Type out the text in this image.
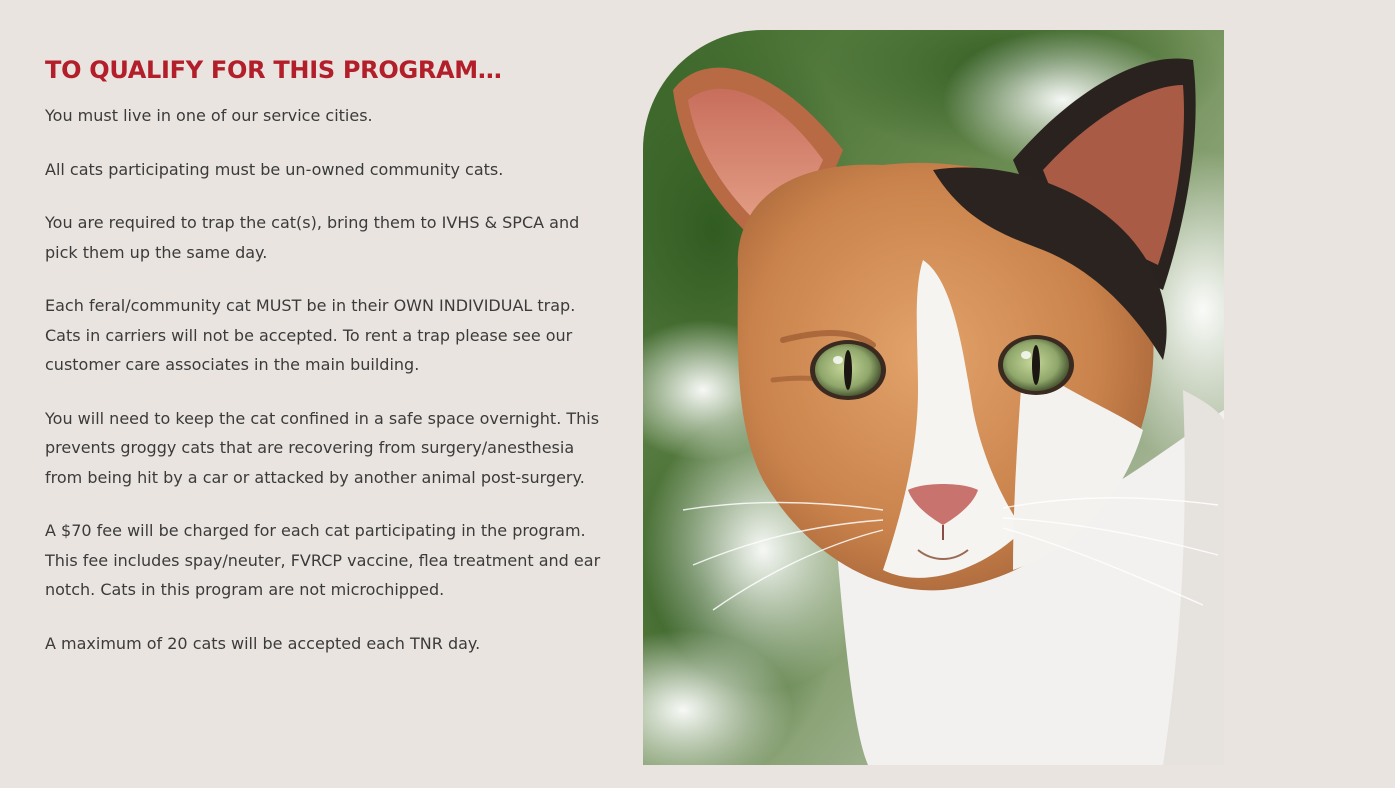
TO QUALIFY FOR THIS PROGRAM…

You must live in one of our service cities.

All cats participating must be un-owned community cats.

You are required to trap the cat(s), bring them to IVHS & SPCA and pick them up the same day.

Each feral/community cat MUST be in their OWN INDIVIDUAL trap. Cats in carriers will not be accepted. To rent a trap please see our customer care associates in the main building.

You will need to keep the cat confined in a safe space overnight. This prevents groggy cats that are recovering from surgery/anesthesia from being hit by a car or attacked by another animal post-surgery.

A $70 fee will be charged for each cat participating in the program. This fee includes spay/neuter, FVRCP vaccine, flea treatment and ear notch. Cats in this program are not microchipped.

A maximum of 20 cats will be accepted each TNR day.
